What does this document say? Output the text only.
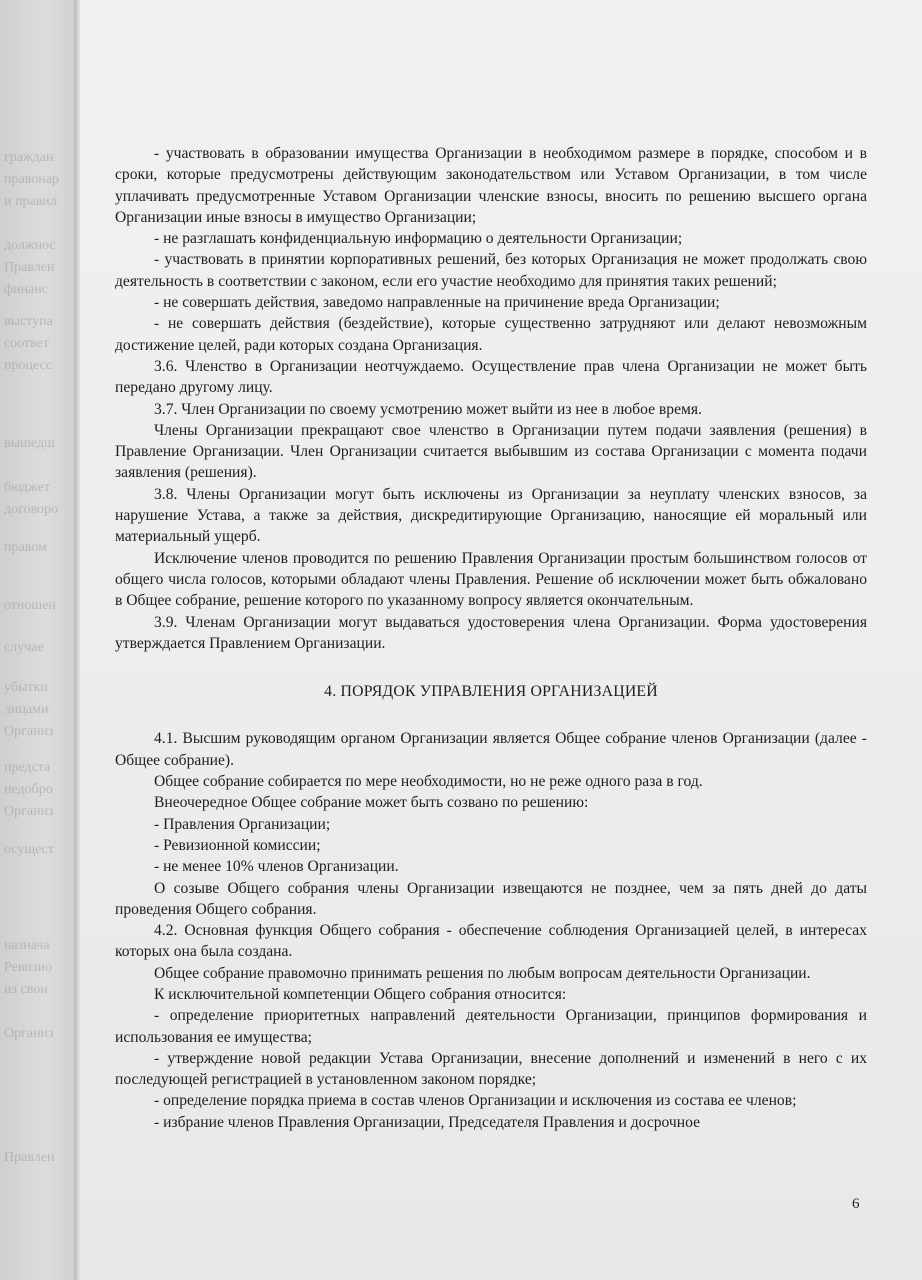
граждан
правонар
и правил
должнос
Правлен
финанс
выступа
соответ
процесс
вышедш
бюджет
договоро
правом
отношен
случае
убытки
лицами
Организ
предста
недобро
Организ
осущест
назнача
Ревизио
из свои
Организ
Правлен

- участвовать в образовании имущества Организации в необходимом размере в порядке, способом и в сроки, которые предусмотрены действующим законодательством или Уставом Организации, в том числе уплачивать предусмотренные Уставом Организации членские взносы, вносить по решению высшего органа Организации иные взносы в имущество Организации;

- не разглашать конфиденциальную информацию о деятельности Организации;

- участвовать в принятии корпоративных решений, без которых Организация не может продолжать свою деятельность в соответствии с законом, если его участие необходимо для принятия таких решений;

- не совершать действия, заведомо направленные на причинение вреда Организации;

- не совершать действия (бездействие), которые существенно затрудняют или делают невозможным достижение целей, ради которых создана Организация.

3.6. Членство в Организации неотчуждаемо. Осуществление прав члена Организации не может быть передано другому лицу.

3.7. Член Организации по своему усмотрению может выйти из нее в любое время.

Члены Организации прекращают свое членство в Организации путем подачи заявления (решения) в Правление Организации. Член Организации считается выбывшим из состава Организации с момента подачи заявления (решения).

3.8. Члены Организации могут быть исключены из Организации за неуплату членских взносов, за нарушение Устава, а также за действия, дискредитирующие Организацию, наносящие ей моральный или материальный ущерб.

Исключение членов проводится по решению Правления Организации простым большинством голосов от общего числа голосов, которыми обладают члены Правления. Решение об исключении может быть обжаловано в Общее собрание, решение которого по указанному вопросу является окончательным.

3.9. Членам Организации могут выдаваться удостоверения члена Организации. Форма удостоверения утверждается Правлением Организации.

4. ПОРЯДОК УПРАВЛЕНИЯ ОРГАНИЗАЦИЕЙ

4.1. Высшим руководящим органом Организации является Общее собрание членов Организации (далее - Общее собрание).

Общее собрание собирается по мере необходимости, но не реже одного раза в год.

Внеочередное Общее собрание может быть созвано по решению:

- Правления Организации;

- Ревизионной комиссии;

- не менее 10% членов Организации.

О созыве Общего собрания члены Организации извещаются не позднее, чем за пять дней до даты проведения Общего собрания.

4.2. Основная функция Общего собрания - обеспечение соблюдения Организацией целей, в интересах которых она была создана.

Общее собрание правомочно принимать решения по любым вопросам деятельности Организации.

К исключительной компетенции Общего собрания относится:

- определение приоритетных направлений деятельности Организации, принципов формирования и использования ее имущества;

- утверждение новой редакции Устава Организации, внесение дополнений и изменений в него с их последующей регистрацией в установленном законом порядке;

- определение порядка приема в состав членов Организации и исключения из состава ее членов;

- избрание членов Правления Организации, Председателя Правления и досрочное

6
